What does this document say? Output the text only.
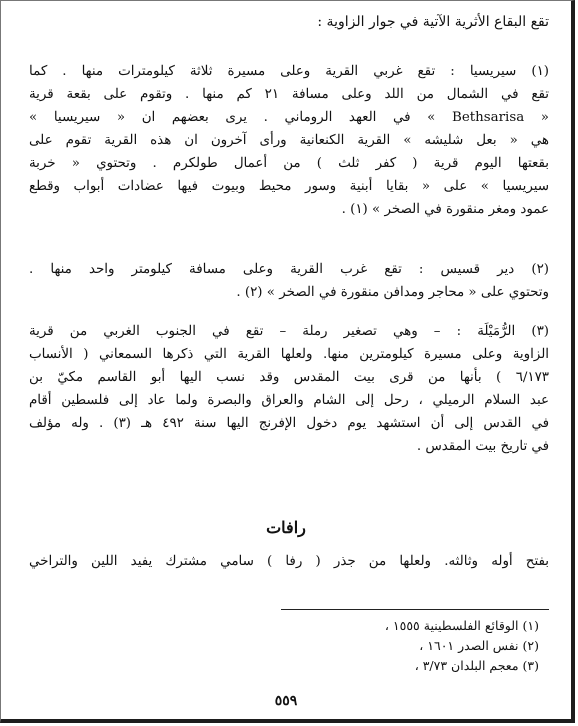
تقع البقاع الأثرية الآتية في جوار الزاوية :
(١) سيريسيا : تقع غربي القرية وعلى مسيرة ثلاثة كيلومترات منها . كما
تقع في الشمال من اللد وعلى مسافة ٢١ كم منها . وتقوم على بقعة قرية
« Bethsarisa » في العهد الروماني . يرى بعضهم ان « سيريسيا »
هي « بعل شليشه » القرية الكنعانية ورأى آخرون ان هذه القرية تقوم على
بقعتها اليوم قرية ( كفر ثلث ) من أعمال طولكرم . وتحتوي « خربة
سيريسيا » على « بقايا أبنية وسور محيط وبيوت فيها عضادات أبواب وقطع
عمود ومغر منقورة في الصخر » (١) .
(٢) دير قسيس : تقع غرب القرية وعلى مسافة كيلومتر واحد منها .
وتحتوي على « محاجر ومدافن منقورة في الصخر » (٢) .
(٣) الرُّمَيْلَة : – وهي تصغير رملة – تقع في الجنوب الغربي من قرية
الزاوية وعلى مسيرة كيلومترين منها. ولعلها القرية التي ذكرها السمعاني ( الأنساب
٦/١٧٣ ) بأنها من قرى بيت المقدس وقد نسب اليها أبو القاسم مكيّ بن
عبد السلام الرميلي ، رحل إلى الشام والعراق والبصرة ولما عاد إلى فلسطين أقام
في القدس إلى أن استشهد يوم دخول الإفرنج اليها سنة ٤٩٢ هـ (٣) . وله مؤلف
في تاريخ بيت المقدس .
رافات
بفتح أوله وثالثه. ولعلها من جذر ( رفا ) سامي مشترك يفيد اللين والتراخي
(١) الوقائع الفلسطينية ١٥٥٥ ،
(٢) نفس الصدر ١٦٠١ ،
(٣) معجم البلدان ٣/٧٣ ،
٥٥٩
